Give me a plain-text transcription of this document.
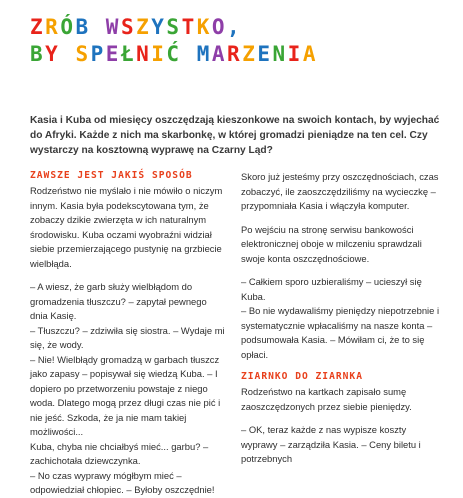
ZRÓB WSZYSTKO,
BY SPEŁNIĆ MARZENIA

Kasia i Kuba od miesięcy oszczędzają kieszonkowe na swoich kontach, by wyjechać do Afryki. Każde z nich ma skarbonkę, w której gromadzi pieniądze na ten cel. Czy wystarczy na kosztowną wyprawę na Czarny Ląd?

ZAWSZE JEST JAKIŚ SPOSÓB

Rodzeństwo nie myślało i nie mówiło o niczym innym. Kasia była podekscytowana tym, że zobaczy dzikie zwierzęta w ich naturalnym środowisku. Kuba oczami wyobraźni widział siebie przemierzającego pustynię na grzbiecie wielbłąda.

– A wiesz, że garb służy wielbłądom do gromadzenia tłuszczu? – zapytał pewnego dnia Kasię.
– Tłuszczu? – zdziwiła się siostra. – Wydaje mi się, że wody.
– Nie! Wielbłądy gromadzą w garbach tłuszcz jako zapasy – popisywał się wiedzą Kuba. – I dopiero po przetworzeniu powstaje z niego woda. Dlatego mogą przez długi czas nie pić i nie jeść. Szkoda, że ja nie mam takiej możliwości...
Kuba, chyba nie chciałbyś mieć... garbu? – zachichotała dziewczynka.
– No czas wyprawy mógłbym mieć – odpowiedział chłopiec. – Byłoby oszczędnie!

Skoro już jesteśmy przy oszczędnościach, czas zobaczyć, ile zaoszczędziliśmy na wycieczkę – przypomniała Kasia i włączyła komputer.

Po wejściu na stronę serwisu bankowości elektronicznej oboje w milczeniu sprawdzali swoje konta oszczędnościowe.

– Całkiem sporo uzbieraliśmy – ucieszył się Kuba.
– Bo nie wydawaliśmy pieniędzy niepotrzebnie i systematycznie wpłacaliśmy na nasze konta – podsumowała Kasia. – Mówiłam ci, że to się opłaci.

ZIARNKO DO ZIARNKA

Rodzeństwo na kartkach zapisało sumę zaoszczędzonych przez siebie pieniędzy.

– OK, teraz każde z nas wypisze koszty wyprawy – zarządziła Kasia. – Ceny biletu i potrzebnych
